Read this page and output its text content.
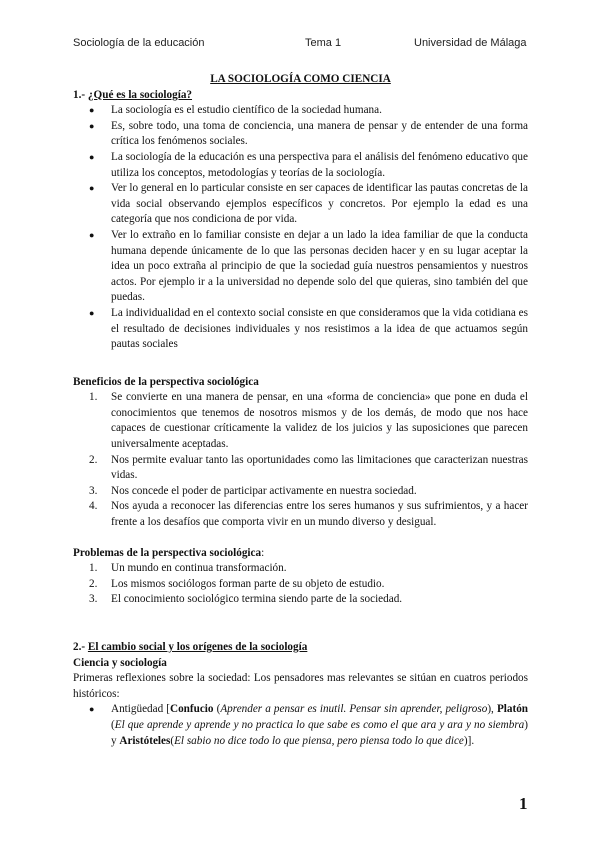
Sociología de la educación	Tema 1	Universidad de Málaga
LA SOCIOLOGÍA COMO CIENCIA

1.- ¿Qué es la sociología?

● La sociología es el estudio científico de la sociedad humana.
● Es, sobre todo, una toma de conciencia, una manera de pensar y de entender de una forma crítica los fenómenos sociales.
● La sociología de la educación es una perspectiva para el análisis del fenómeno educativo que utiliza los conceptos, metodologías y teorías de la sociología.
● Ver lo general en lo particular consiste en ser capaces de identificar las pautas concretas de la vida social observando ejemplos específicos y concretos. Por ejemplo la edad es una categoría que nos condiciona de por vida.
● Ver lo extraño en lo familiar consiste en dejar a un lado la idea familiar de que la conducta humana depende únicamente de lo que las personas deciden hacer y en su lugar aceptar la idea un poco extraña al principio de que la sociedad guía nuestros pensamientos y nuestros actos. Por ejemplo ir a la universidad no depende solo del que quieras, sino también del que puedas.
● La individualidad en el contexto social consiste en que consideramos que la vida cotidiana es el resultado de decisiones individuales y nos resistimos a la idea de que actuamos según pautas sociales

Beneficios de la perspectiva sociológica

1. Se convierte en una manera de pensar, en una «forma de conciencia» que pone en duda el conocimientos que tenemos de nosotros mismos y de los demás, de modo que nos hace capaces de cuestionar críticamente la validez de los juicios y las suposiciones que parecen universalmente aceptadas.
2. Nos permite evaluar tanto las oportunidades como las limitaciones que caracterizan nuestras vidas.
3. Nos concede el poder de participar activamente en nuestra sociedad.
4. Nos ayuda a reconocer las diferencias entre los seres humanos y sus sufrimientos, y a hacer frente a los desafíos que comporta vivir en un mundo diverso y desigual.

Problemas de la perspectiva sociológica:

1. Un mundo en continua transformación.
2. Los mismos sociólogos forman parte de su objeto de estudio.
3. El conocimiento sociológico termina siendo parte de la sociedad.

2.- El cambio social y los orígenes de la sociología

Ciencia y sociología

Primeras reflexiones sobre la sociedad: Los pensadores mas relevantes se sitúan en cuatros periodos históricos:

● Antigüedad [Confucio (Aprender a pensar es inutil. Pensar sin aprender, peligroso), Platón (El que aprende y aprende y no practica lo que sabe es como el que ara y ara y no siembra) y Aristóteles(El sabio no dice todo lo que piensa, pero piensa todo lo que dice)].
1
